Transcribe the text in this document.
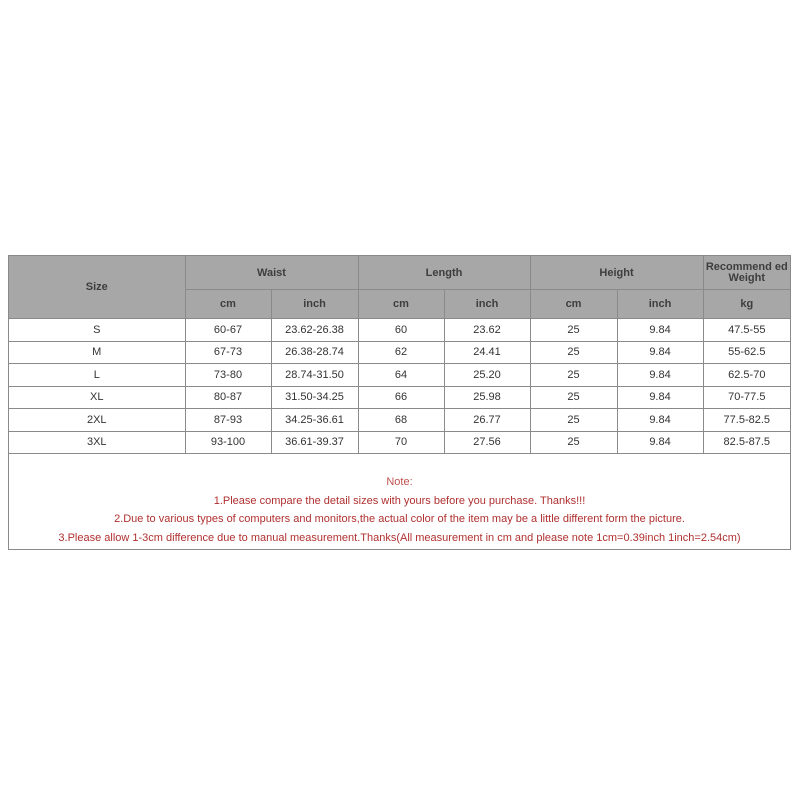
Size	Waist		Length		Height		Recommend ed Weight
	cm	inch	cm	inch	cm	inch	kg
S	60-67	23.62-26.38	60	23.62	25	9.84	47.5-55
M	67-73	26.38-28.74	62	24.41	25	9.84	55-62.5
L	73-80	28.74-31.50	64	25.20	25	9.84	62.5-70
XL	80-87	31.50-34.25	66	25.98	25	9.84	70-77.5
2XL	87-93	34.25-36.61	68	26.77	25	9.84	77.5-82.5
3XL	93-100	36.61-39.37	70	27.56	25	9.84	82.5-87.5
Note:
1.Please compare the detail sizes with yours before you purchase. Thanks!!!
2.Due to various types of computers and monitors,the actual color of the item may be a little different form the picture.
3.Please allow 1-3cm difference due to manual measurement.Thanks(All measurement in cm and please note 1cm=0.39inch 1inch=2.54cm)
